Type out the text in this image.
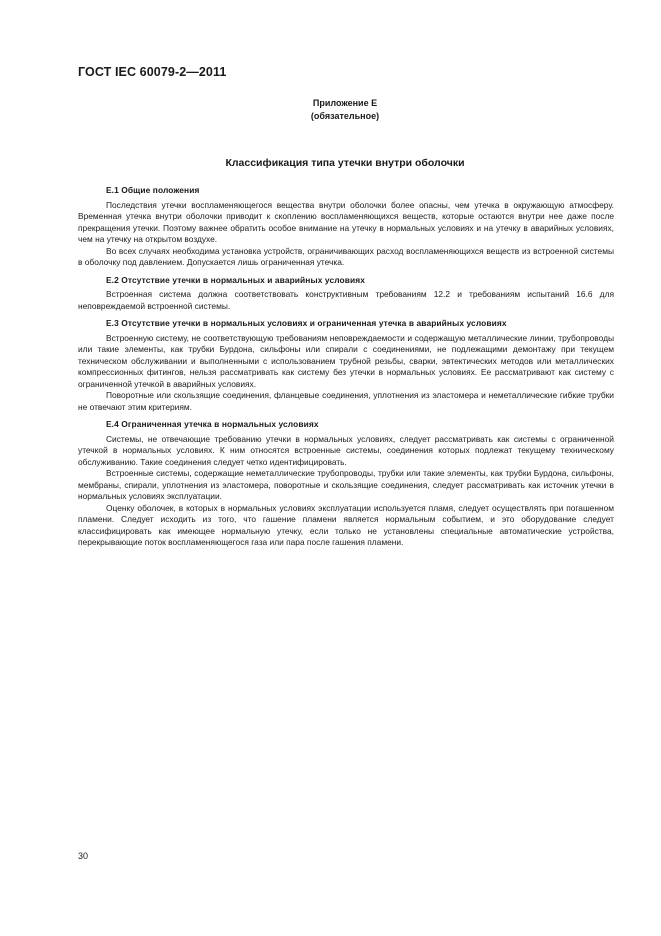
ГОСТ IEC 60079-2—2011
Приложение E
(обязательное)
Классификация типа утечки внутри оболочки
E.1 Общие положения

Последствия утечки воспламеняющегося вещества внутри оболочки более опасны, чем утечка в окружающую атмосферу. Временная утечка внутри оболочки приводит к скоплению воспламеняющихся веществ, которые остаются внутри нее даже после прекращения утечки. Поэтому важнее обратить особое внимание на утечку в нормальных условиях и на утечку в аварийных условиях, чем на утечку на открытом воздухе.

Во всех случаях необходима установка устройств, ограничивающих расход воспламеняющихся веществ из встроенной системы в оболочку под давлением. Допускается лишь ограниченная утечка.

E.2 Отсутствие утечки в нормальных и аварийных условиях

Встроенная система должна соответствовать конструктивным требованиям 12.2 и требованиям испытаний 16.6 для неповреждаемой встроенной системы.

E.3 Отсутствие утечки в нормальных условиях и ограниченная утечка в аварийных условиях

Встроенную систему, не соответствующую требованиям неповреждаемости и содержащую металлические линии, трубопроводы или такие элементы, как трубки Бурдона, сильфоны или спирали с соединениями, не подлежащими демонтажу при текущем техническом обслуживании и выполненными с использованием трубной резьбы, сварки, эвтектических методов или металлических компрессионных фитингов, нельзя рассматривать как систему без утечки в нормальных условиях. Ее рассматривают как систему с ограниченной утечкой в аварийных условиях.

Поворотные или скользящие соединения, фланцевые соединения, уплотнения из эластомера и неметаллические гибкие трубки не отвечают этим критериям.

E.4 Ограниченная утечка в нормальных условиях

Системы, не отвечающие требованию утечки в нормальных условиях, следует рассматривать как системы с ограниченной утечкой в нормальных условиях. К ним относятся встроенные системы, соединения которых подлежат текущему техническому обслуживанию. Такие соединения следует четко идентифицировать.

Встроенные системы, содержащие неметаллические трубопроводы, трубки или такие элементы, как трубки Бурдона, сильфоны, мембраны, спирали, уплотнения из эластомера, поворотные и скользящие соединения, следует рассматривать как источник утечки в нормальных условиях эксплуатации.

Оценку оболочек, в которых в нормальных условиях эксплуатации используется пламя, следует осуществлять при погашенном пламени. Следует исходить из того, что гашение пламени является нормальным событием, и это оборудование следует классифицировать как имеющее нормальную утечку, если только не установлены специальные автоматические устройства, перекрывающие поток воспламеняющегося газа или пара после гашения пламени.

30
